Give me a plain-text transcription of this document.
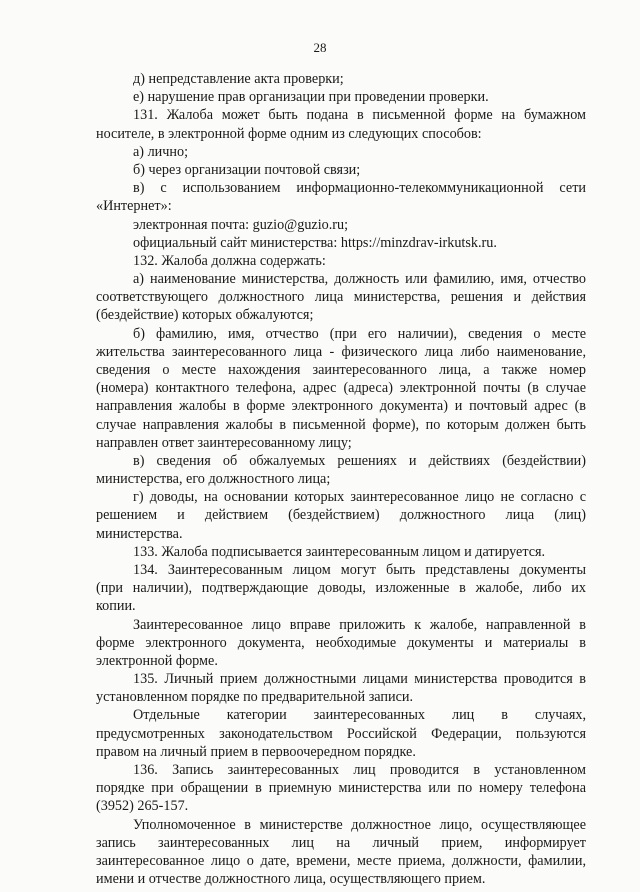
28
д) непредставление акта проверки;
е) нарушение прав организации при проведении проверки.
131. Жалоба может быть подана в письменной форме на бумажном
носителе, в электронной форме одним из следующих способов:
а) лично;
б) через организации почтовой связи;
в) с использованием информационно-телекоммуникационной сети
«Интернет»:
электронная почта: guzio@guzio.ru;
официальный сайт министерства: https://minzdrav-irkutsk.ru.
132. Жалоба должна содержать:
а) наименование министерства, должность или фамилию, имя, отчество
соответствующего должностного лица министерства, решения и действия
(бездействие) которых обжалуются;
б) фамилию, имя, отчество (при его наличии), сведения о месте
жительства заинтересованного лица - физического лица либо наименование,
сведения о месте нахождения заинтересованного лица, а также номер
(номера) контактного телефона, адрес (адреса) электронной почты (в случае
направления жалобы в форме электронного документа) и почтовый адрес (в
случае направления жалобы в письменной форме), по которым должен быть
направлен ответ заинтересованному лицу;
в) сведения об обжалуемых решениях и действиях (бездействии)
министерства, его должностного лица;
г) доводы, на основании которых заинтересованное лицо не согласно с
решением и действием (бездействием) должностного лица (лиц)
министерства.
133. Жалоба подписывается заинтересованным лицом и датируется.
134. Заинтересованным лицом могут быть представлены документы
(при наличии), подтверждающие доводы, изложенные в жалобе, либо их
копии.
Заинтересованное лицо вправе приложить к жалобе, направленной в
форме электронного документа, необходимые документы и материалы в
электронной форме.
135. Личный прием должностными лицами министерства проводится в
установленном порядке по предварительной записи.
Отдельные категории заинтересованных лиц в случаях,
предусмотренных законодательством Российской Федерации, пользуются
правом на личный прием в первоочередном порядке.
136. Запись заинтересованных лиц проводится в установленном
порядке при обращении в приемную министерства или по номеру телефона
(3952) 265-157.
Уполномоченное в министерстве должностное лицо, осуществляющее
запись заинтересованных лиц на личный прием, информирует
заинтересованное лицо о дате, времени, месте приема, должности, фамилии,
имени и отчестве должностного лица, осуществляющего прием.
